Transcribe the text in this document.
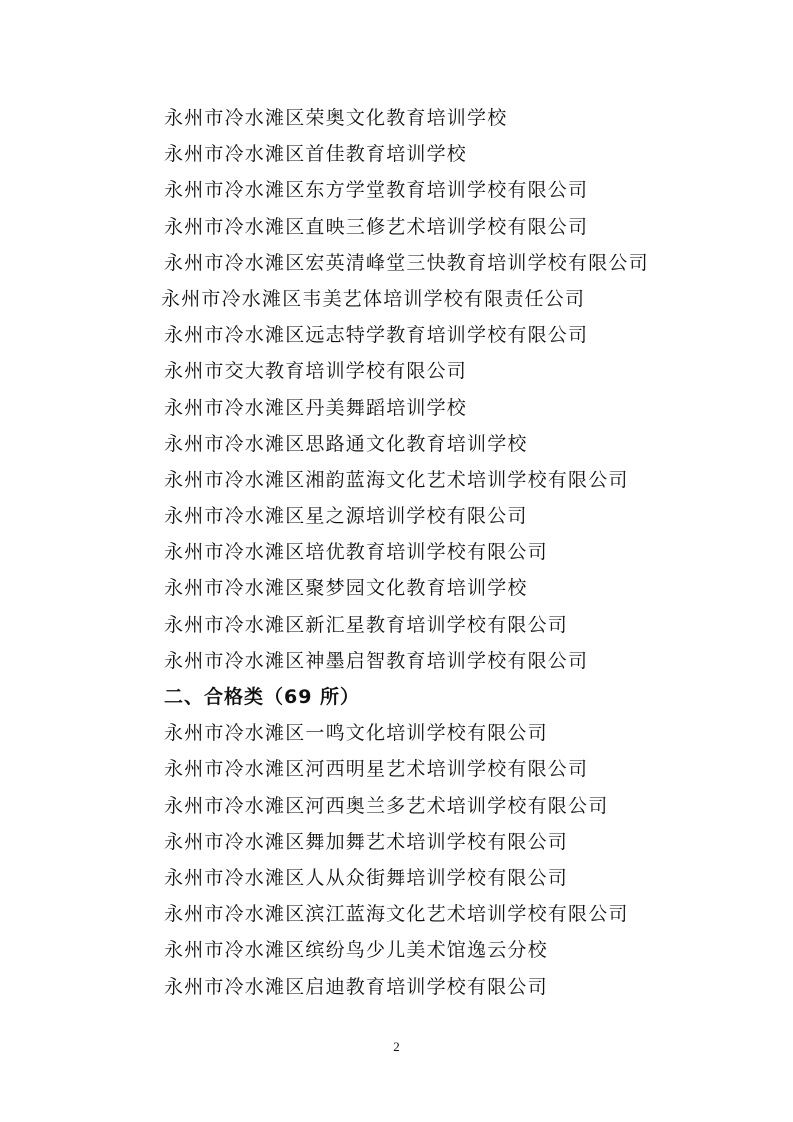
永州市冷水滩区荣奥文化教育培训学校
永州市冷水滩区首佳教育培训学校
永州市冷水滩区东方学堂教育培训学校有限公司
永州市冷水滩区直映三修艺术培训学校有限公司
永州市冷水滩区宏英清峰堂三快教育培训学校有限公司
永州市冷水滩区韦美艺体培训学校有限责任公司
永州市冷水滩区远志特学教育培训学校有限公司
永州市交大教育培训学校有限公司
永州市冷水滩区丹美舞蹈培训学校
永州市冷水滩区思路通文化教育培训学校
永州市冷水滩区湘韵蓝海文化艺术培训学校有限公司
永州市冷水滩区星之源培训学校有限公司
永州市冷水滩区培优教育培训学校有限公司
永州市冷水滩区聚梦园文化教育培训学校
永州市冷水滩区新汇星教育培训学校有限公司
永州市冷水滩区神墨启智教育培训学校有限公司
二、合格类（69 所）
永州市冷水滩区一鸣文化培训学校有限公司
永州市冷水滩区河西明星艺术培训学校有限公司
永州市冷水滩区河西奥兰多艺术培训学校有限公司
永州市冷水滩区舞加舞艺术培训学校有限公司
永州市冷水滩区人从众街舞培训学校有限公司
永州市冷水滩区滨江蓝海文化艺术培训学校有限公司
永州市冷水滩区缤纷鸟少儿美术馆逸云分校
永州市冷水滩区启迪教育培训学校有限公司
2
